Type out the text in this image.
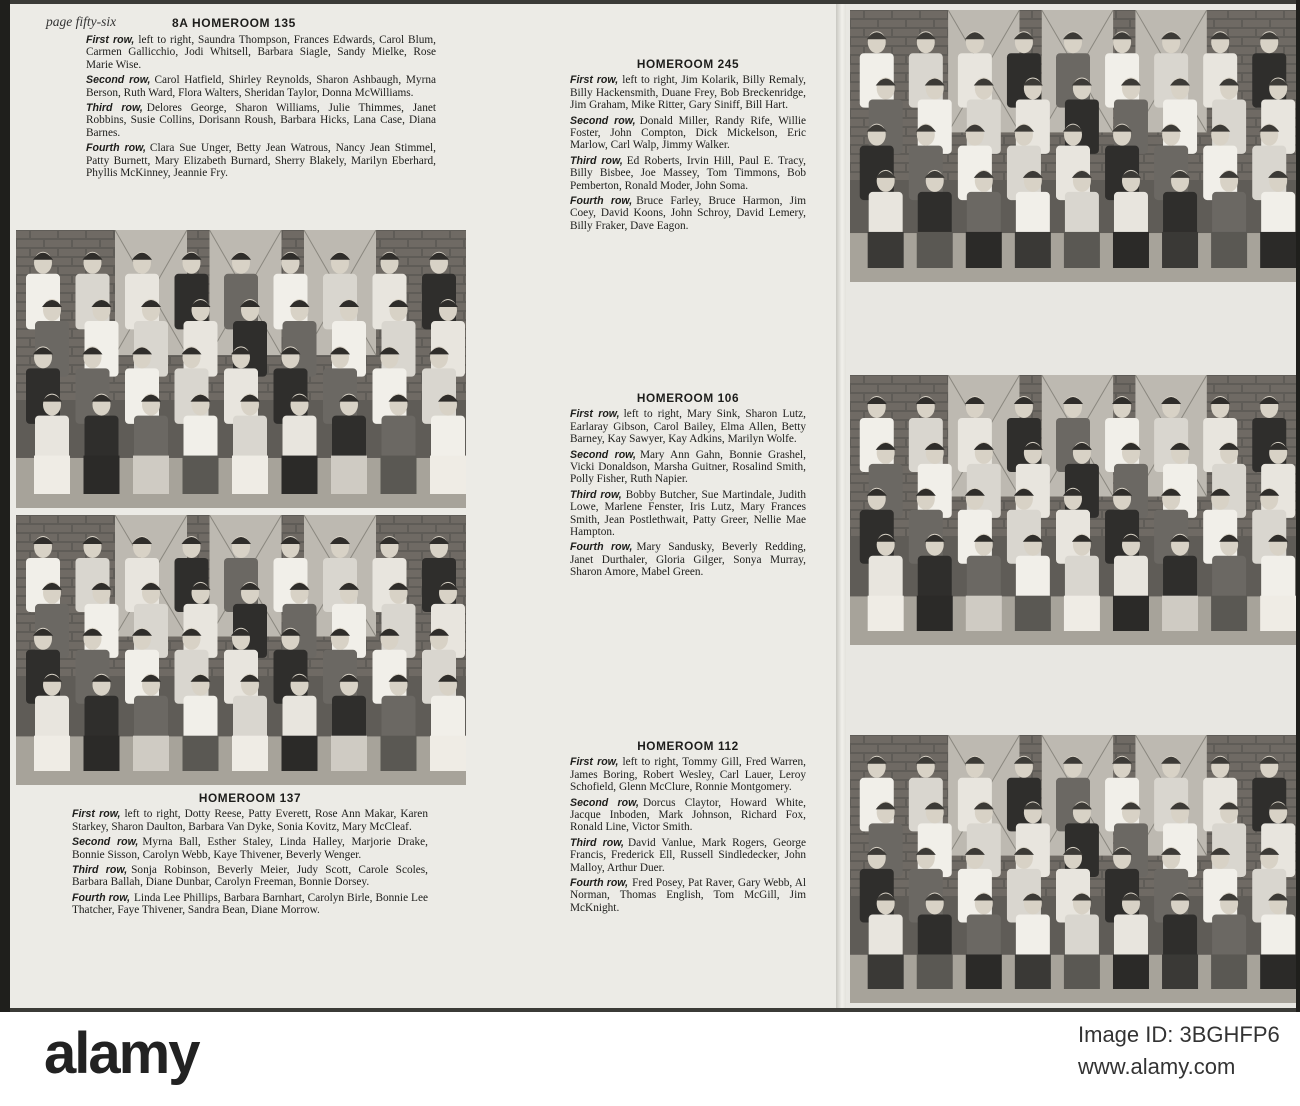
page fifty-six	8A HOMEROOM 135

First row, left to right, Saundra Thompson, Frances Edwards, Carol Blum, Carmen Gallicchio, Jodi Whitsell, Barbara Siagle, Sandy Mielke, Rose Marie Wise.

Second row, Carol Hatfield, Shirley Reynolds, Sharon Ashbaugh, Myrna Berson, Ruth Ward, Flora Walters, Sheridan Taylor, Donna McWilliams.

Third row, Delores George, Sharon Williams, Julie Thimmes, Janet Robbins, Susie Collins, Dorisann Roush, Barbara Hicks, Lana Case, Diana Barnes.

Fourth row, Clara Sue Unger, Betty Jean Watrous, Nancy Jean Stimmel, Patty Burnett, Mary Elizabeth Burnard, Sherry Blakely, Marilyn Eberhard, Phyllis McKinney, Jeannie Fry.

HOMEROOM 137

First row, left to right, Dotty Reese, Patty Everett, Rose Ann Makar, Karen Starkey, Sharon Daulton, Barbara Van Dyke, Sonia Kovitz, Mary McCleaf.

Second row, Myrna Ball, Esther Staley, Linda Halley, Marjorie Drake, Bonnie Sisson, Carolyn Webb, Kaye Thivener, Beverly Wenger.

Third row, Sonja Robinson, Beverly Meier, Judy Scott, Carole Scoles, Barbara Ballah, Diane Dunbar, Carolyn Freeman, Bonnie Dorsey.

Fourth row, Linda Lee Phillips, Barbara Barnhart, Carolyn Birle, Bonnie Lee Thatcher, Faye Thivener, Sandra Bean, Diane Morrow.

HOMEROOM 245

First row, left to right, Jim Kolarik, Billy Remaly, Billy Hackensmith, Duane Frey, Bob Breckenridge, Jim Graham, Mike Ritter, Gary Siniff, Bill Hart.

Second row, Donald Miller, Randy Rife, Willie Foster, John Compton, Dick Mickelson, Eric Marlow, Carl Walp, Jimmy Walker.

Third row, Ed Roberts, Irvin Hill, Paul E. Tracy, Billy Bisbee, Joe Massey, Tom Timmons, Bob Pemberton, Ronald Moder, John Soma.

Fourth row, Bruce Farley, Bruce Harmon, Jim Coey, David Koons, John Schroy, David Lemery, Billy Fraker, Dave Eagon.

HOMEROOM 106

First row, left to right, Mary Sink, Sharon Lutz, Earlaray Gibson, Carol Bailey, Elma Allen, Betty Barney, Kay Sawyer, Kay Adkins, Marilyn Wolfe.

Second row, Mary Ann Gahn, Bonnie Grashel, Vicki Donaldson, Marsha Guitner, Rosalind Smith, Polly Fisher, Ruth Napier.

Third row, Bobby Butcher, Sue Martindale, Judith Lowe, Marlene Fenster, Iris Lutz, Mary Frances Smith, Jean Postlethwait, Patty Greer, Nellie Mae Hampton.

Fourth row, Mary Sandusky, Beverly Redding, Janet Durthaler, Gloria Gilger, Sonya Murray, Sharon Amore, Mabel Green.

HOMEROOM 112

First row, left to right, Tommy Gill, Fred Warren, James Boring, Robert Wesley, Carl Lauer, Leroy Schofield, Glenn McClure, Ronnie Montgomery.

Second row, Dorcus Claytor, Howard White, Jacque Inboden, Mark Johnson, Richard Fox, Ronald Line, Victor Smith.

Third row, David Vanlue, Mark Rogers, George Francis, Frederick Ell, Russell Sindledecker, John Malloy, Arthur Duer.

Fourth row, Fred Posey, Pat Raver, Gary Webb, Al Norman, Thomas English, Tom McGill, Jim McKnight.

alamy	Image ID: 3BGHFP6
www.alamy.com
